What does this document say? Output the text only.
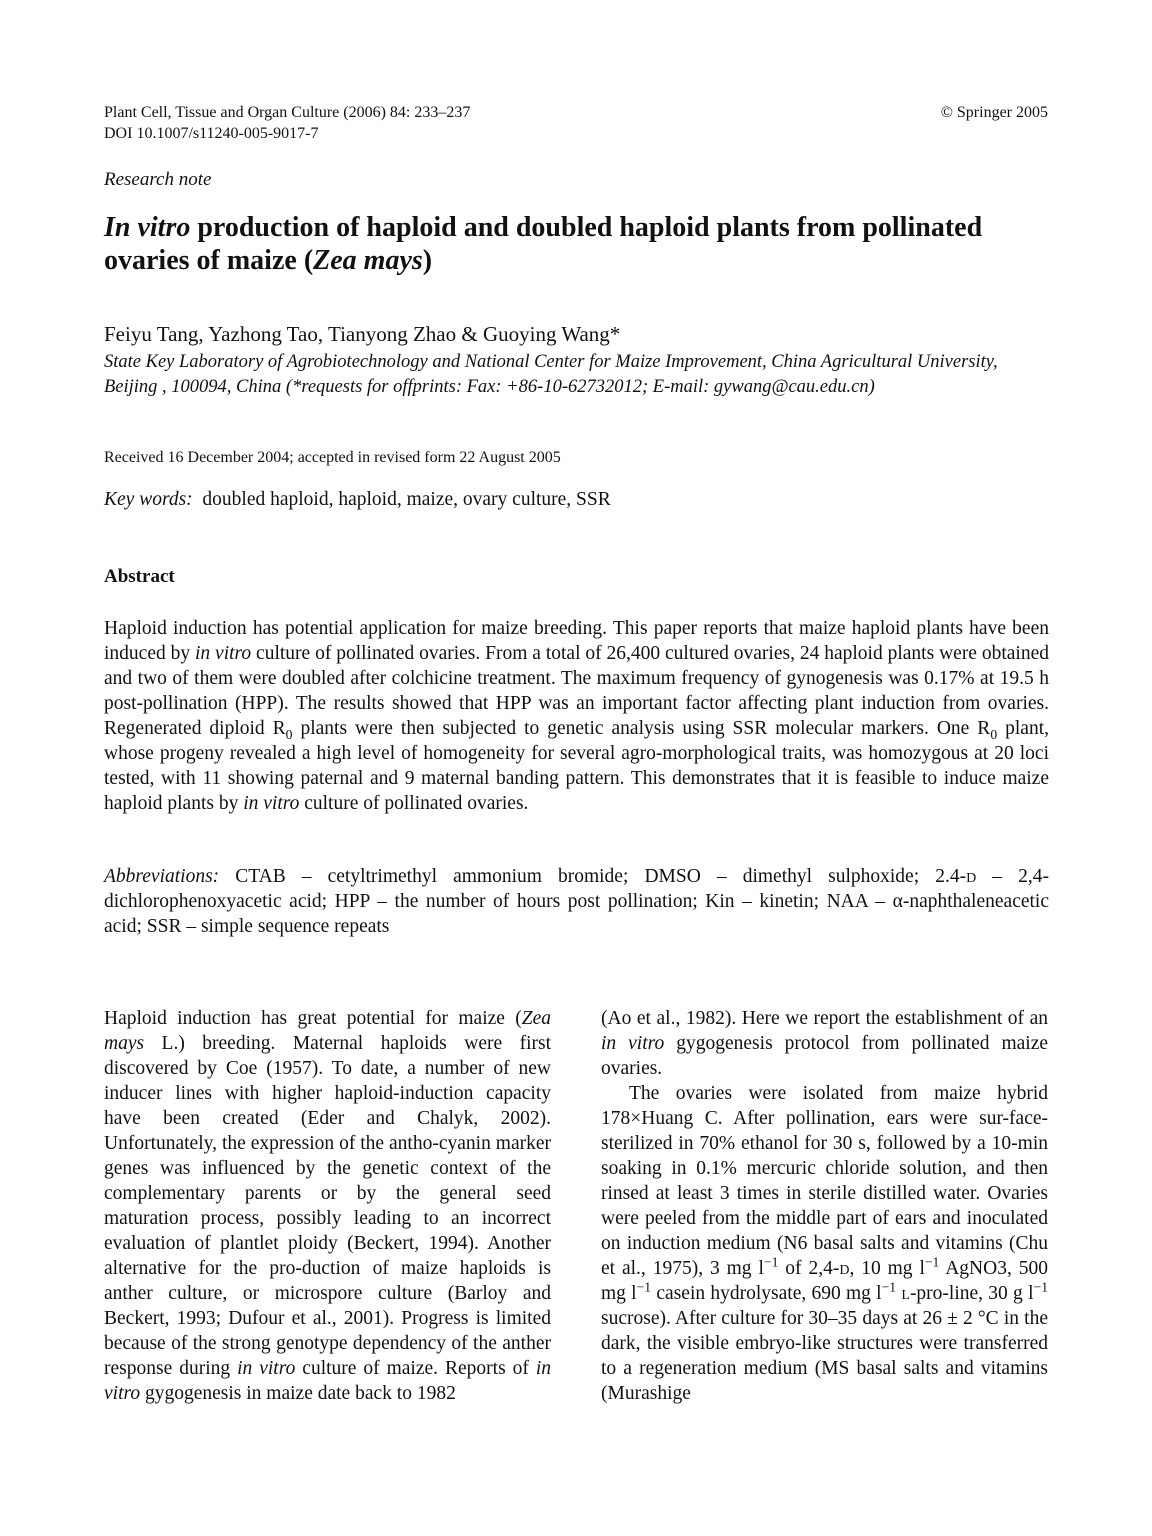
Plant Cell, Tissue and Organ Culture (2006) 84: 233–237
DOI 10.1007/s11240-005-9017-7
© Springer 2005
Research note
In vitro production of haploid and doubled haploid plants from pollinated ovaries of maize (Zea mays)
Feiyu Tang, Yazhong Tao, Tianyong Zhao & Guoying Wang*
State Key Laboratory of Agrobiotechnology and National Center for Maize Improvement, China Agricultural University, Beijing , 100094, China (*requests for offprints: Fax: +86-10-62732012; E-mail: gywang@cau.edu.cn)
Received 16 December 2004; accepted in revised form 22 August 2005
Key words: doubled haploid, haploid, maize, ovary culture, SSR
Abstract

Haploid induction has potential application for maize breeding. This paper reports that maize haploid plants have been induced by in vitro culture of pollinated ovaries. From a total of 26,400 cultured ovaries, 24 haploid plants were obtained and two of them were doubled after colchicine treatment. The maximum frequency of gynogenesis was 0.17% at 19.5 h post-pollination (HPP). The results showed that HPP was an important factor affecting plant induction from ovaries. Regenerated diploid $R_0$ plants were then subjected to genetic analysis using SSR molecular markers. One $R_0$ plant, whose progeny revealed a high level of homogeneity for several agro-morphological traits, was homozygous at 20 loci tested, with 11 showing paternal and 9 maternal banding pattern. This demonstrates that it is feasible to induce maize haploid plants by in vitro culture of pollinated ovaries.

Abbreviations: CTAB – cetyltrimethyl ammonium bromide; DMSO – dimethyl sulphoxide; 2.4-d – 2,4-dichlorophenoxyacetic acid; HPP – the number of hours post pollination; Kin – kinetin; NAA – α-naphthaleneacetic acid; SSR – simple sequence repeats

Haploid induction has great potential for maize (Zea mays L.) breeding. Maternal haploids were first discovered by Coe (1957). To date, a number of new inducer lines with higher haploid-induction capacity have been created (Eder and Chalyk, 2002). Unfortunately, the expression of the antho-cyanin marker genes was influenced by the genetic context of the complementary parents or by the general seed maturation process, possibly leading to an incorrect evaluation of plantlet ploidy (Beckert, 1994). Another alternative for the pro-duction of maize haploids is anther culture, or microspore culture (Barloy and Beckert, 1993; Dufour et al., 2001). Progress is limited because of the strong genotype dependency of the anther response during in vitro culture of maize. Reports of in vitro gygogenesis in maize date back to 1982

(Ao et al., 1982). Here we report the establishment of an in vitro gygogenesis protocol from pollinated maize ovaries.

The ovaries were isolated from maize hybrid 178×Huang C. After pollination, ears were sur-face-sterilized in 70% ethanol for 30 s, followed by a 10-min soaking in 0.1% mercuric chloride solution, and then rinsed at least 3 times in sterile distilled water. Ovaries were peeled from the middle part of ears and inoculated on induction medium (N6 basal salts and vitamins (Chu et al., 1975), 3 mg $l^{-1}$ of 2,4-d, 10 mg $l^{-1}$ AgNO3, 500 mg $l^{-1}$ casein hydrolysate, 690 mg $l^{-1}$ l-pro-line, 30 g $l^{-1}$ sucrose). After culture for 30–35 days at 26 ± 2 °C in the dark, the visible embryo-like structures were transferred to a regeneration medium (MS basal salts and vitamins (Murashige
